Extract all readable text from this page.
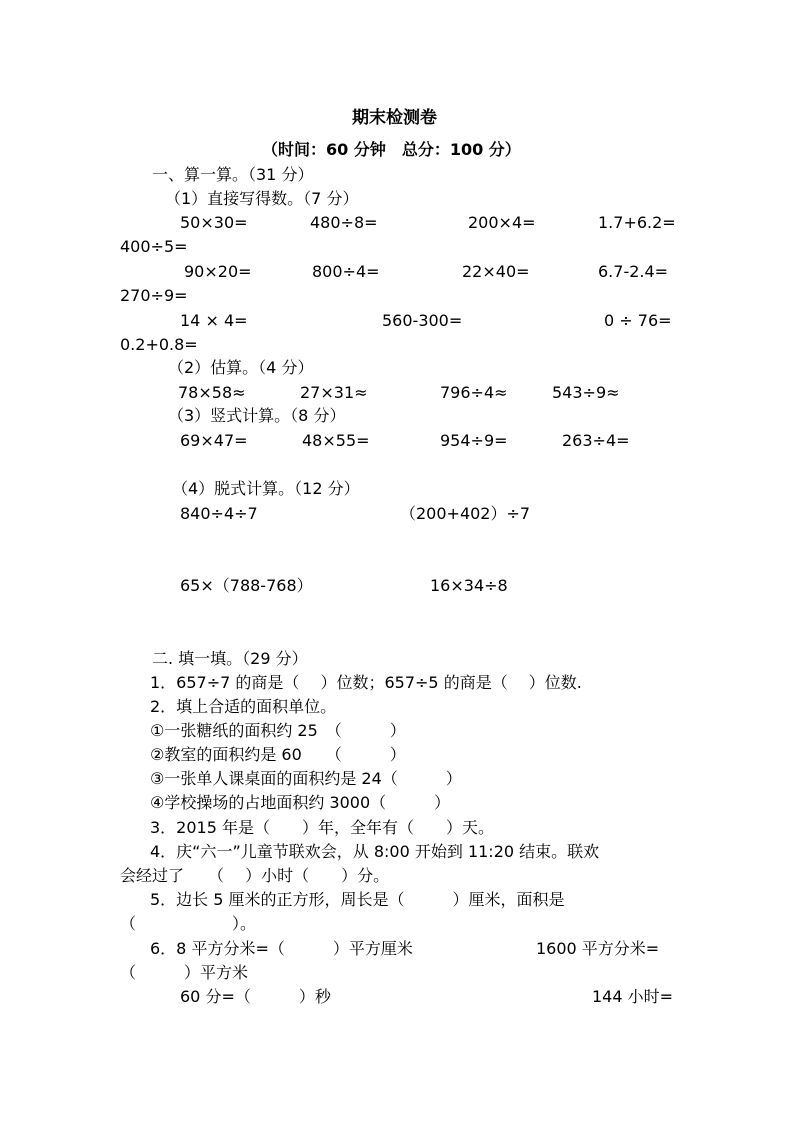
期末检测卷
（时间：60 分钟　总分：100 分）
一、算一算。（31 分）
（1）直接写得数。（7 分）
50×30=	480÷8=	200×4=	1.7+6.2=
400÷5=
90×20=	800÷4=	22×40=	6.7-2.4=
270÷9=
14 × 4=	560-300=	0 ÷ 76=
0.2+0.8=
（2）估算。（4 分）
78×58≈	27×31≈	796÷4≈	543÷9≈
（3）竖式计算。（8 分）
69×47=	48×55=	954÷9=	263÷4=
（4）脱式计算。（12 分）
840÷4÷7	（200+402）÷7
65×（788-768）	16×34÷8
二. 填一填。（29 分）
1．657÷7 的商是（　 ）位数；657÷5 的商是（　 ）位数.
2．填上合适的面积单位。
①一张糖纸的面积约 25　（　　　）
②教室的面积约是 60　　（　　　）
③一张单人课桌面的面积约是 24（　　　）
④学校操场的占地面积约 3000（　　　）
3．2015 年是（　　）年，全年有（　　）天。
4．庆“六一”儿童节联欢会，从 8:00 开始到 11:20 结束。联欢
会经过了　　（　 ）小时（　　）分。
5．边长 5 厘米的正方形，周长是（　　　）厘米，面积是
（　　　　　　）。
6．8 平方分米=（　　　）平方厘米	1600 平方分米=
（　　　）平方米
60 分=（　　　）秒	144 小时=
